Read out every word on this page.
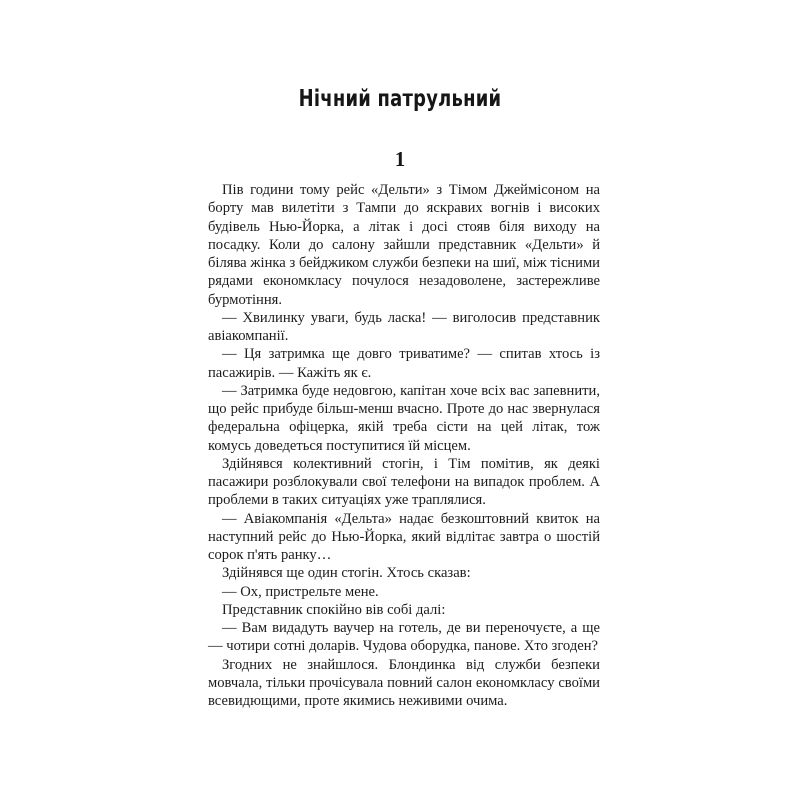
Нічний патрульний
1

Пів години тому рейс «Дельти» з Тімом Джеймісоном на борту мав вилетіти з Тампи до яскравих вогнів і високих будівель Нью-Йорка, а літак і досі стояв біля виходу на посадку. Коли до салону зайшли представник «Дельти» й білява жінка з бейджиком служби безпеки на шиї, між тісними рядами економкласу почулося незадоволене, застережливе бурмотіння.

— Хвилинку уваги, будь ласка! — виголосив представник авіакомпанії.

— Ця затримка ще довго триватиме? — спитав хтось із пасажирів. — Кажіть як є.

— Затримка буде недовгою, капітан хоче всіх вас запевнити, що рейс прибуде більш-менш вчасно. Проте до нас звернулася федеральна офіцерка, якій треба сісти на цей літак, тож комусь доведеться поступитися їй місцем.

Здійнявся колективний стогін, і Тім помітив, як деякі пасажири розблокували свої телефони на випадок проблем. А проблеми в таких ситуаціях уже траплялися.

— Авіакомпанія «Дельта» надає безкоштовний квиток на наступний рейс до Нью-Йорка, який відлітає завтра о шостій сорок п'ять ранку…

Здійнявся ще один стогін. Хтось сказав:

— Ох, пристрельте мене.

Представник спокійно вів собі далі:

— Вам видадуть ваучер на готель, де ви переночуєте, а ще — чотири сотні доларів. Чудова оборудка, панове. Хто згоден?

Згодних не знайшлося. Блондинка від служби безпеки мовчала, тільки прочісувала повний салон економкласу своїми всевидющими, проте якимись неживими очима.
